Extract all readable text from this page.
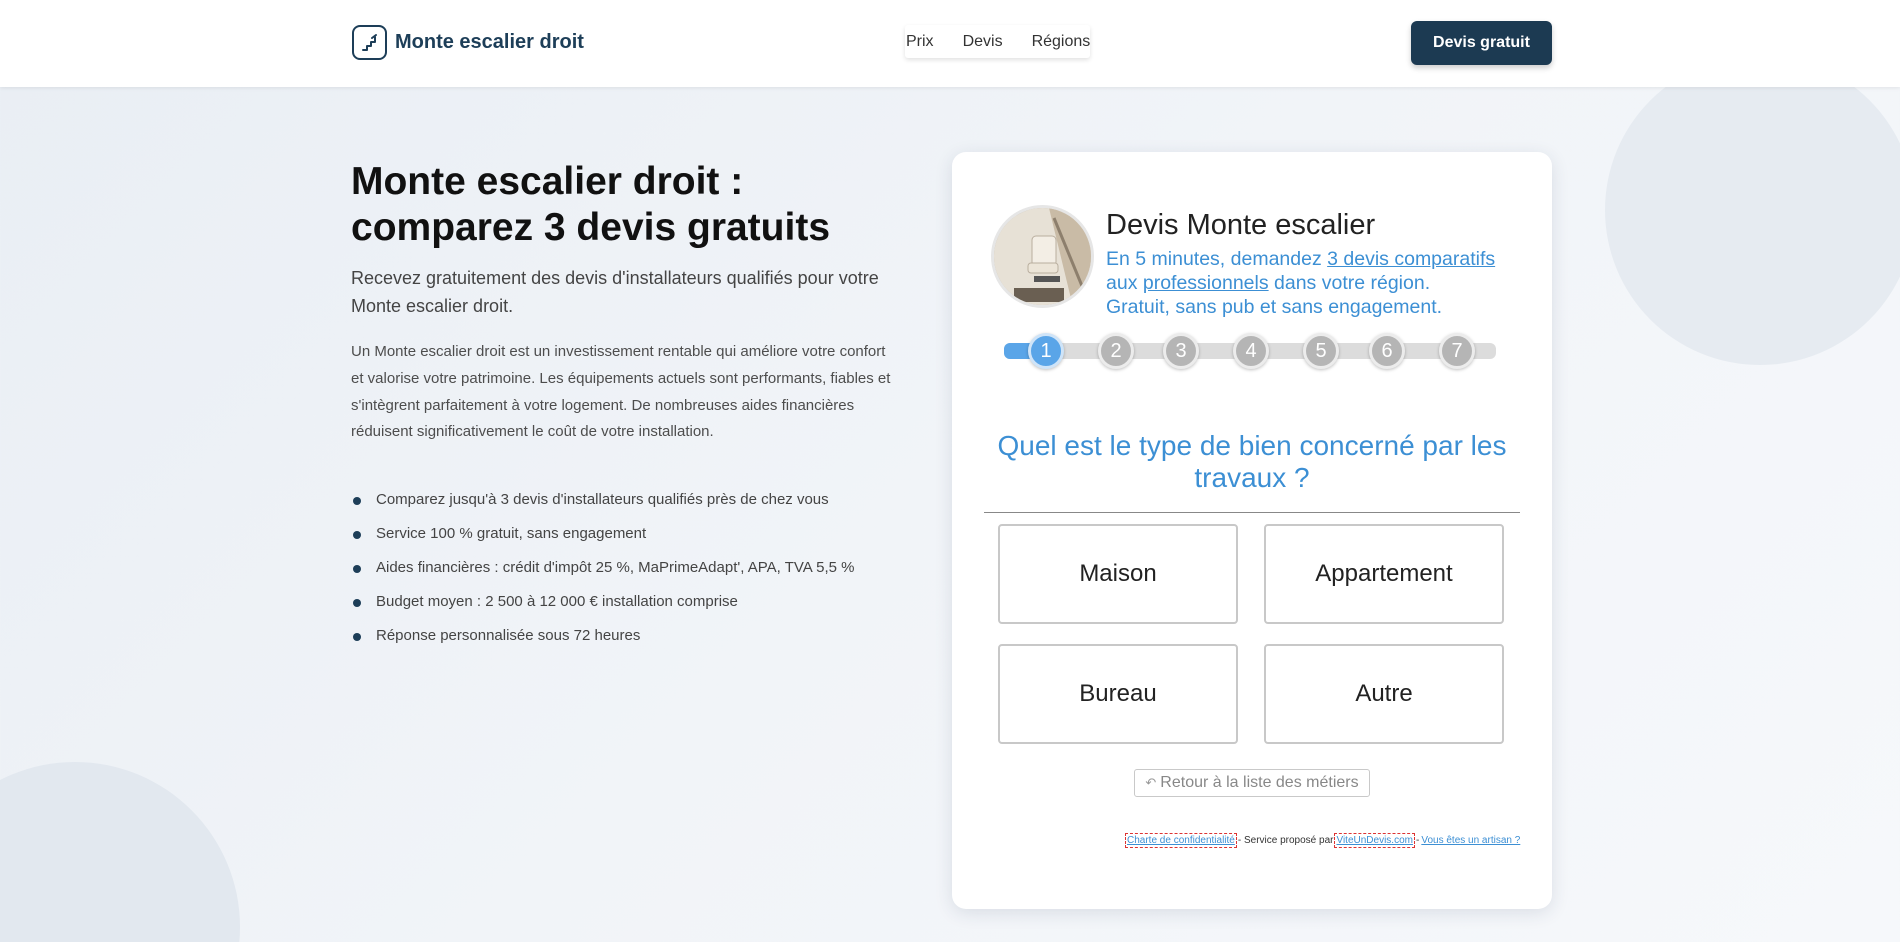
Monte escalier droit	Prix Devis Régions	Devis gratuit
Monte escalier droit : comparez 3 devis gratuits

Recevez gratuitement des devis d'installateurs qualifiés pour votre Monte escalier droit.

Un Monte escalier droit est un investissement rentable qui améliore votre confort et valorise votre patrimoine. Les équipements actuels sont performants, fiables et s'intègrent parfaitement à votre logement. De nombreuses aides financières réduisent significativement le coût de votre installation.

Comparez jusqu'à 3 devis d'installateurs qualifiés près de chez vous
Service 100 % gratuit, sans engagement
Aides financières : crédit d'impôt 25 %, MaPrimeAdapt', APA, TVA 5,5 %
Budget moyen : 2 500 à 12 000 € installation comprise
Réponse personnalisée sous 72 heures
Devis Monte escalier
En 5 minutes, demandez 3 devis comparatifs
aux professionnels dans votre région.
Gratuit, sans pub et sans engagement.
1	2	3	4	5	6	7
Quel est le type de bien concerné par les travaux ?
Maison	Appartement
Bureau	Autre
↶ Retour à la liste des métiers
Charte de confidentialité - Service proposé par ViteUnDevis.com - Vous êtes un artisan ?
